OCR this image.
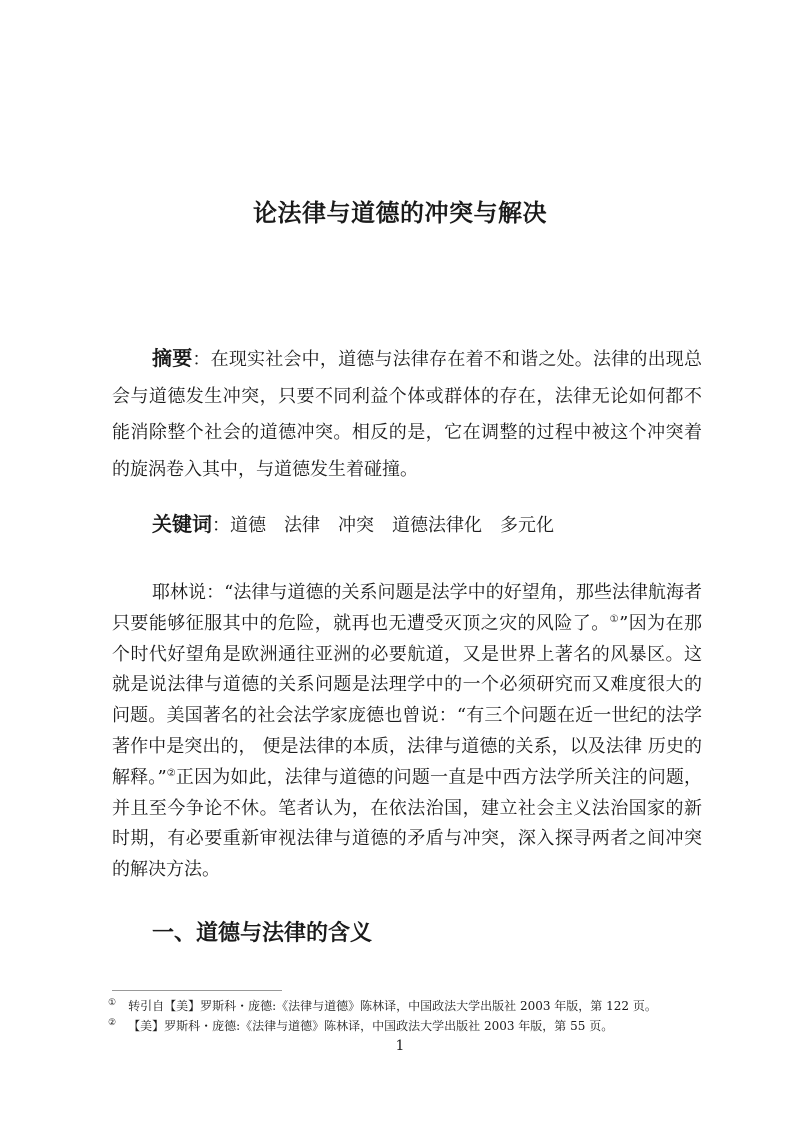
论法律与道德的冲突与解决

摘要：在现实社会中，道德与法律存在着不和谐之处。法律的出现总会与道德发生冲突，只要不同利益个体或群体的存在，法律无论如何都不能消除整个社会的道德冲突。相反的是，它在调整的过程中被这个冲突着的旋涡卷入其中，与道德发生着碰撞。

关键词：道德 法律 冲突 道德法律化 多元化

耶林说：“法律与道德的关系问题是法学中的好望角，那些法律航海者只要能够征服其中的危险，就再也无遭受灭顶之灾的风险了。①”因为在那个时代好望角是欧洲通往亚洲的必要航道，又是世界上著名的风暴区。这就是说法律与道德的关系问题是法理学中的一个必须研究而又难度很大的问题。美国著名的社会法学家庞德也曾说：“有三个问题在近一世纪的法学著作中是突出的， 便是法律的本质，法律与道德的关系，以及法律 历史的解释。”②正因为如此，法律与道德的问题一直是中西方法学所关注的问题，并且至今争论不休。笔者认为，在依法治国，建立社会主义法治国家的新时期，有必要重新审视法律与道德的矛盾与冲突，深入探寻两者之间冲突的解决方法。

一、道德与法律的含义
① 转引自【美】罗斯科・庞德:《法律与道德》陈林译，中国政法大学出版社 2003 年版，第 122 页。
② 【美】罗斯科・庞德:《法律与道德》陈林译，中国政法大学出版社 2003 年版，第 55 页。
1
